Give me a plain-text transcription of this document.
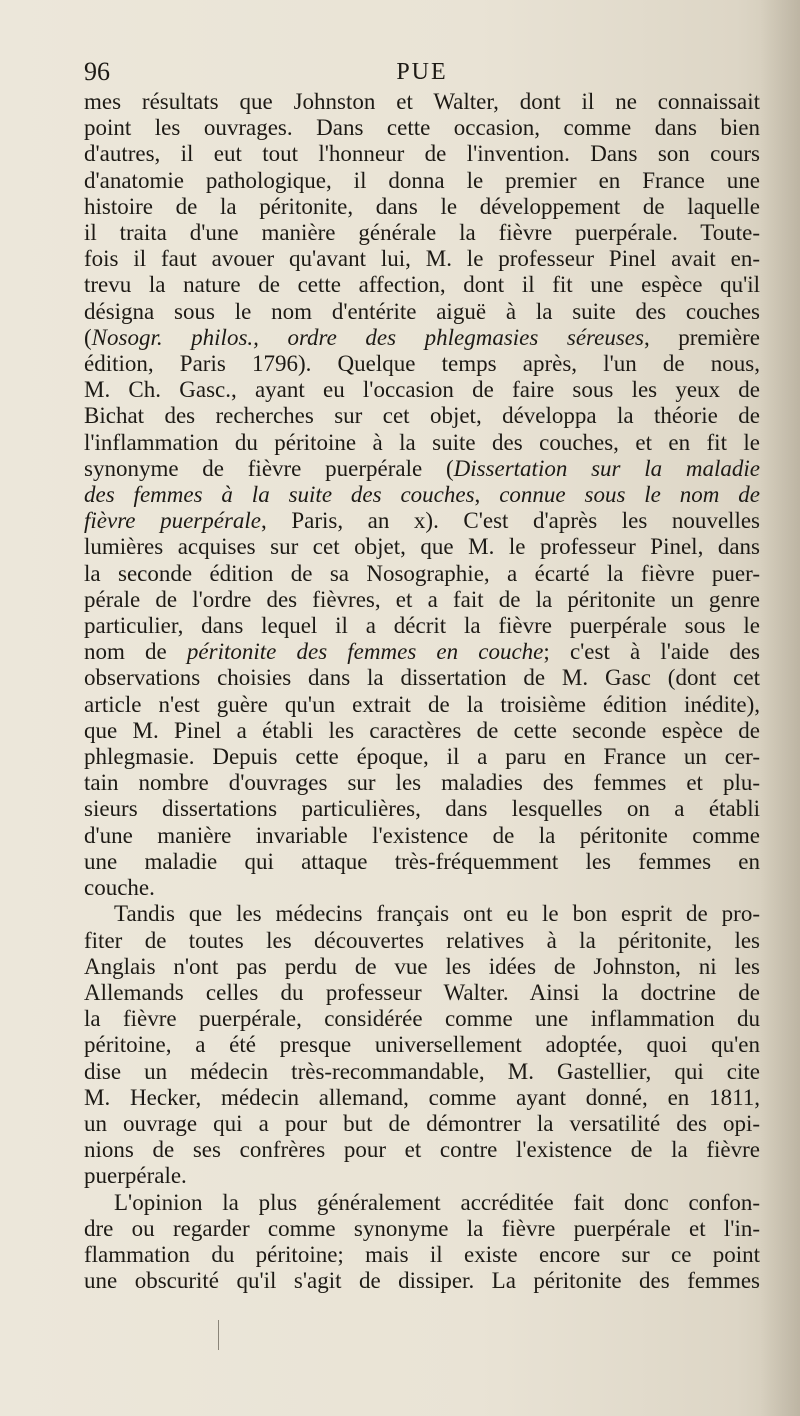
96	PUE
mes résultats que Johnston et Walter, dont il ne connaissait
point les ouvrages. Dans cette occasion, comme dans bien
d'autres, il eut tout l'honneur de l'invention. Dans son cours
d'anatomie pathologique, il donna le premier en France une
histoire de la péritonite, dans le développement de laquelle
il traita d'une manière générale la fièvre puerpérale. Toute-
fois il faut avouer qu'avant lui, M. le professeur Pinel avait en-
trevu la nature de cette affection, dont il fit une espèce qu'il
désigna sous le nom d'entérite aiguë à la suite des couches
(Nosogr. philos., ordre des phlegmasies séreuses, première
édition, Paris 1796). Quelque temps après, l'un de nous,
M. Ch. Gasc., ayant eu l'occasion de faire sous les yeux de
Bichat des recherches sur cet objet, développa la théorie de
l'inflammation du péritoine à la suite des couches, et en fit le
synonyme de fièvre puerpérale (Dissertation sur la maladie
des femmes à la suite des couches, connue sous le nom de
fièvre puerpérale, Paris, an x). C'est d'après les nouvelles
lumières acquises sur cet objet, que M. le professeur Pinel, dans
la seconde édition de sa Nosographie, a écarté la fièvre puer-
pérale de l'ordre des fièvres, et a fait de la péritonite un genre
particulier, dans lequel il a décrit la fièvre puerpérale sous le
nom de péritonite des femmes en couche; c'est à l'aide des
observations choisies dans la dissertation de M. Gasc (dont cet
article n'est guère qu'un extrait de la troisième édition inédite),
que M. Pinel a établi les caractères de cette seconde espèce de
phlegmasie. Depuis cette époque, il a paru en France un cer-
tain nombre d'ouvrages sur les maladies des femmes et plu-
sieurs dissertations particulières, dans lesquelles on a établi
d'une manière invariable l'existence de la péritonite comme
une maladie qui attaque très-fréquemment les femmes en
couche.
Tandis que les médecins français ont eu le bon esprit de pro-
fiter de toutes les découvertes relatives à la péritonite, les
Anglais n'ont pas perdu de vue les idées de Johnston, ni les
Allemands celles du professeur Walter. Ainsi la doctrine de
la fièvre puerpérale, considérée comme une inflammation du
péritoine, a été presque universellement adoptée, quoi qu'en
dise un médecin très-recommandable, M. Gastellier, qui cite
M. Hecker, médecin allemand, comme ayant donné, en 1811,
un ouvrage qui a pour but de démontrer la versatilité des opi-
nions de ses confrères pour et contre l'existence de la fièvre
puerpérale.
L'opinion la plus généralement accréditée fait donc confon-
dre ou regarder comme synonyme la fièvre puerpérale et l'in-
flammation du péritoine; mais il existe encore sur ce point
une obscurité qu'il s'agit de dissiper. La péritonite des femmes
